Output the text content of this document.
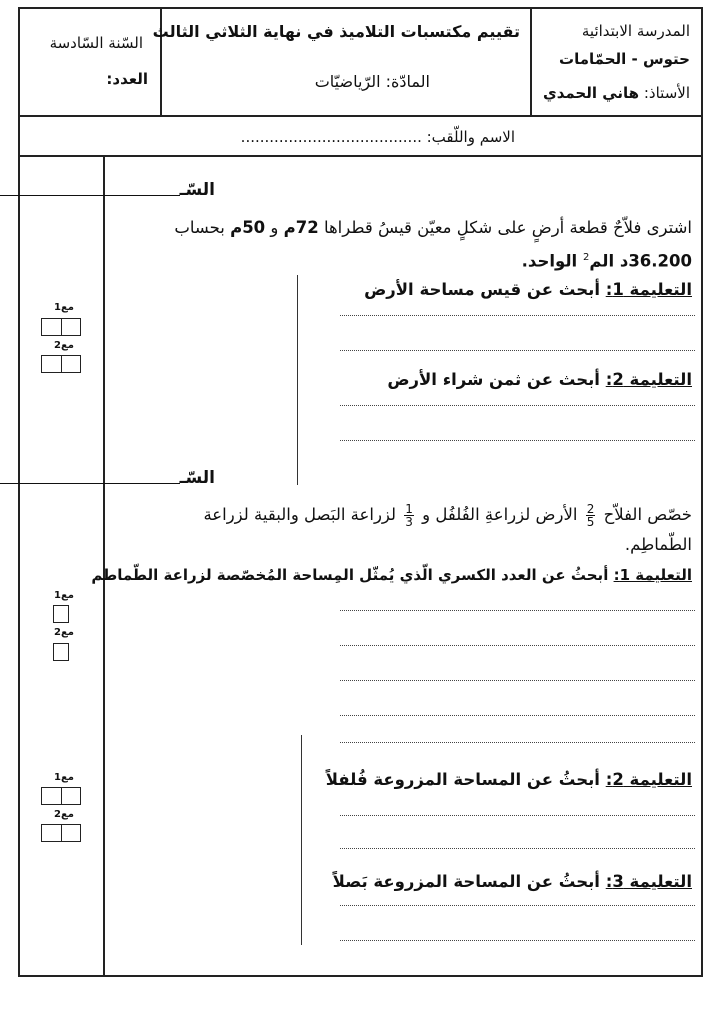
المدرسة الابتدائية
حتوس - الحمّامات
الأستاذ: هاني الحمدي
تقييم مكتسبات التلاميذ في نهاية الثلاثي الثالث
المادّة: الرّياضيّات
السّنة السّادسة
العدد:
الاسم واللّقب: ......................................
السّـ
اشترى فلاّحٌ قطعة أرضٍ على شكلٍ معيّن قيسُ قطراها 72م و 50م بحساب
36.200د الم$^2$ الواحد.
التعليمة 1: أبحث عن قيس مساحة الأرض
التعليمة 2: أبحث عن ثمن شراء الأرض
السّـ
خصّص الفلاّح
$\frac{2}{5}$
الأرض لزراعةِ الفُلفُل و
$\frac{1}{3}$
لزراعة البَصل والبقية لزراعة
الطّماطِم.
التعليمة 1: أبحثُ عن العدد الكسري الّذي يُمثّل المِساحة المُخصّصة لزراعة الطّماطم
التعليمة 2: أبحثُ عن المساحة المزروعة فُلفلاً
التعليمة 3: أبحثُ عن المساحة المزروعة بَصلاً
مع1
مع2
مع1
مع2
مع1
مع2
